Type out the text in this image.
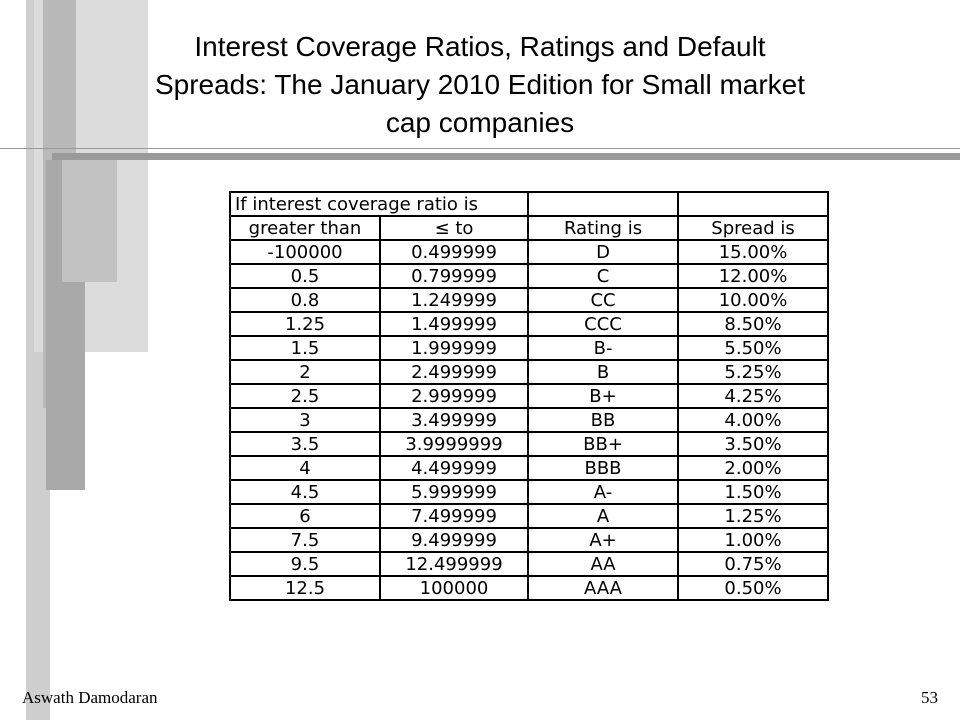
Interest Coverage Ratios, Ratings and Default
Spreads: The January 2010 Edition for Small market
cap companies
If interest coverage ratio is			
greater than	≤ to	Rating is	Spread is
-100000	0.499999	D	15.00%
0.5	0.799999	C	12.00%
0.8	1.249999	CC	10.00%
1.25	1.499999	CCC	8.50%
1.5	1.999999	B-	5.50%
2	2.499999	B	5.25%
2.5	2.999999	B+	4.25%
3	3.499999	BB	4.00%
3.5	3.9999999	BB+	3.50%
4	4.499999	BBB	2.00%
4.5	5.999999	A-	1.50%
6	7.499999	A	1.25%
7.5	9.499999	A+	1.00%
9.5	12.499999	AA	0.75%
12.5	100000	AAA	0.50%
Aswath Damodaran	53
